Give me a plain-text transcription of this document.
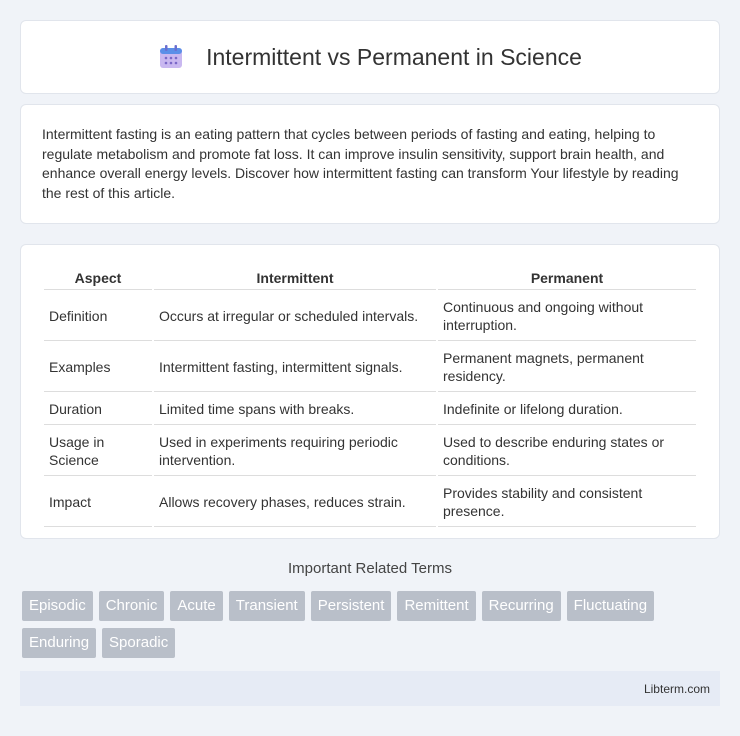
Intermittent vs Permanent in Science

Intermittent fasting is an eating pattern that cycles between periods of fasting and eating, helping to regulate metabolism and promote fat loss. It can improve insulin sensitivity, support brain health, and enhance overall energy levels. Discover how intermittent fasting can transform Your lifestyle by reading the rest of this article.

Aspect	Intermittent	Permanent
Definition	Occurs at irregular or scheduled intervals.	Continuous and ongoing without interruption.
Examples	Intermittent fasting, intermittent signals.	Permanent magnets, permanent residency.
Duration	Limited time spans with breaks.	Indefinite or lifelong duration.
Usage in Science	Used in experiments requiring periodic intervention.	Used to describe enduring states or conditions.
Impact	Allows recovery phases, reduces strain.	Provides stability and consistent presence.
Important Related Terms
Episodic	Chronic	Acute	Transient	Persistent	Remittent	Recurring	Fluctuating
Enduring	Sporadic
Libterm.com
